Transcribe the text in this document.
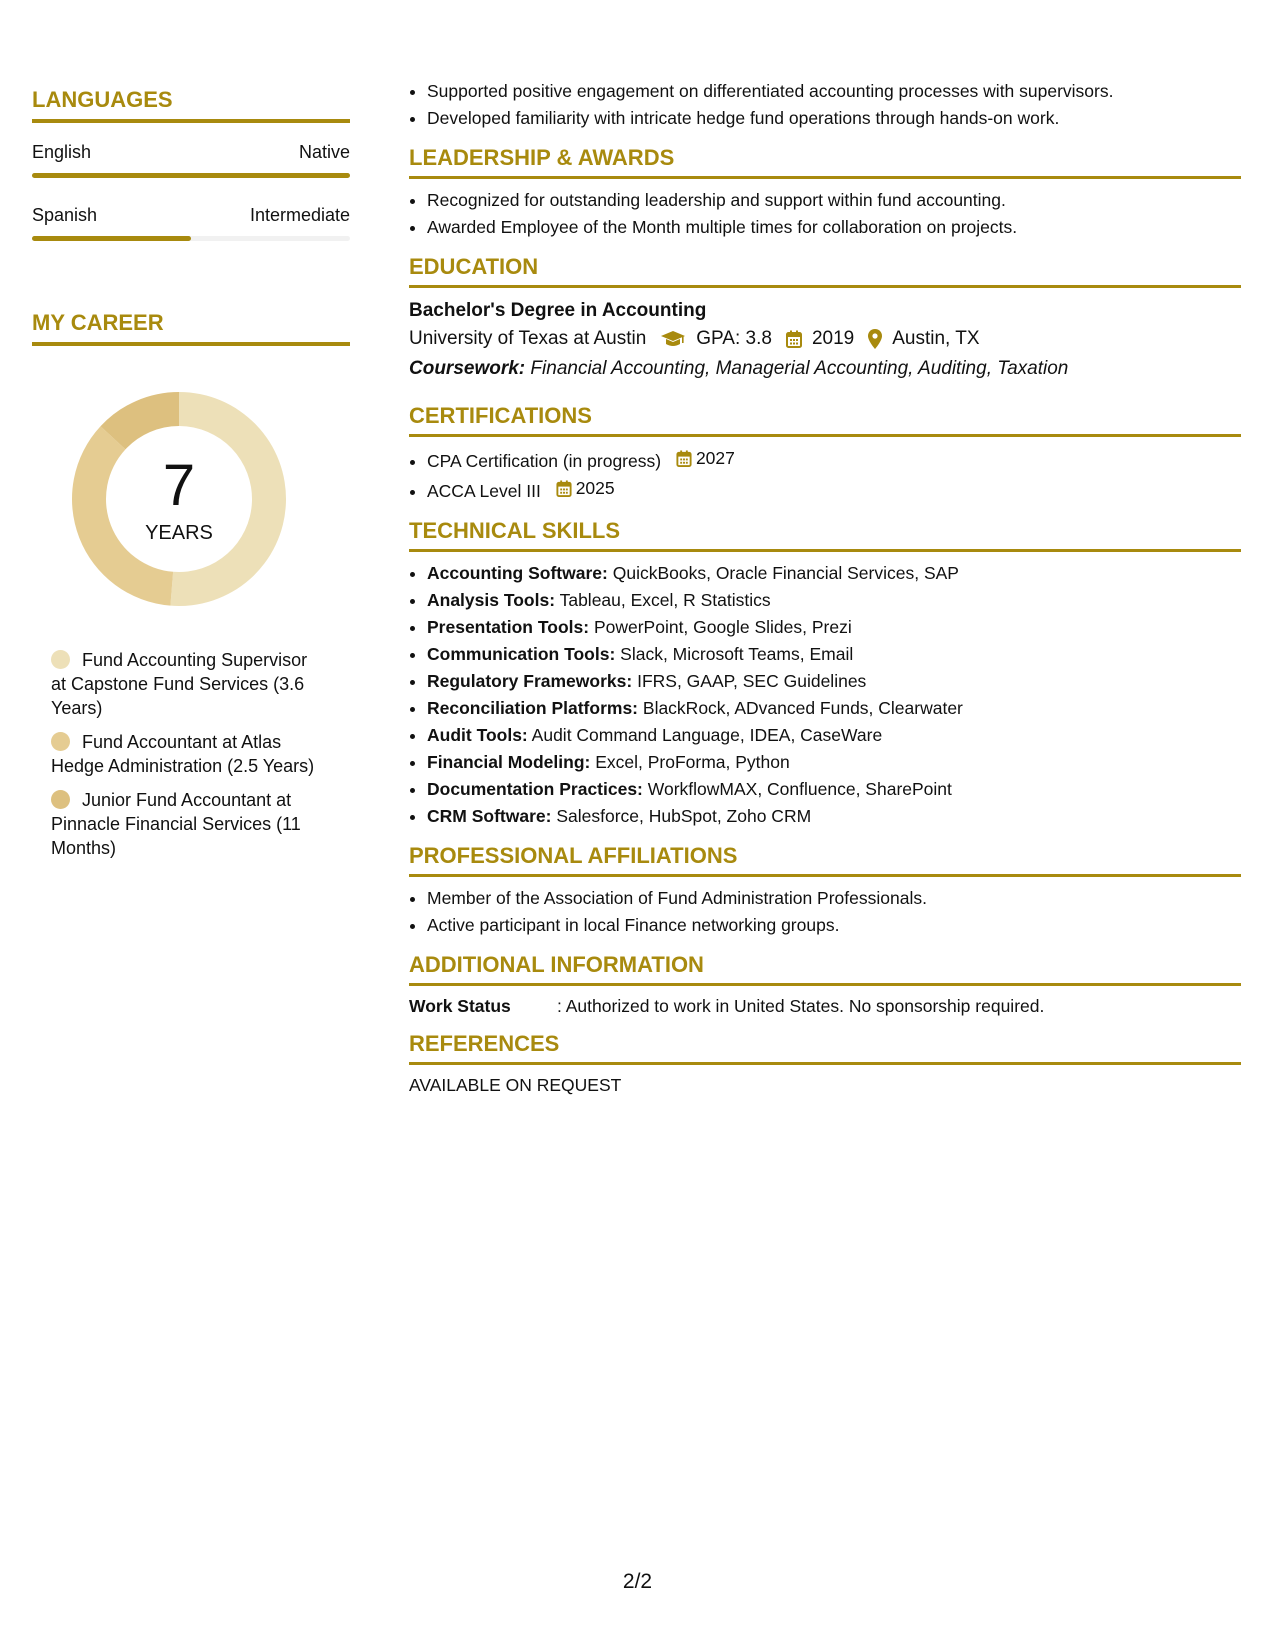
LANGUAGES
English	Native
Spanish	Intermediate
MY CAREER
7
YEARS
Fund Accounting Supervisor at Capstone Fund Services (3.6 Years)
Fund Accountant at Atlas Hedge Administration (2.5 Years)
Junior Fund Accountant at Pinnacle Financial Services (11 Months)
• Supported positive engagement on differentiated accounting processes with supervisors.
• Developed familiarity with intricate hedge fund operations through hands-on work.
LEADERSHIP & AWARDS
• Recognized for outstanding leadership and support within fund accounting.
• Awarded Employee of the Month multiple times for collaboration on projects.
EDUCATION
Bachelor's Degree in Accounting
University of Texas at Austin	GPA: 3.8 2019 Austin, TX
Coursework: Financial Accounting, Managerial Accounting, Auditing, Taxation
CERTIFICATIONS
• CPA Certification (in progress) 2027
• ACCA Level III 2025
TECHNICAL SKILLS
• Accounting Software: QuickBooks, Oracle Financial Services, SAP
• Analysis Tools: Tableau, Excel, R Statistics
• Presentation Tools: PowerPoint, Google Slides, Prezi
• Communication Tools: Slack, Microsoft Teams, Email
• Regulatory Frameworks: IFRS, GAAP, SEC Guidelines
• Reconciliation Platforms: BlackRock, ADvanced Funds, Clearwater
• Audit Tools: Audit Command Language, IDEA, CaseWare
• Financial Modeling: Excel, ProForma, Python
• Documentation Practices: WorkflowMAX, Confluence, SharePoint
• CRM Software: Salesforce, HubSpot, Zoho CRM
PROFESSIONAL AFFILIATIONS
• Member of the Association of Fund Administration Professionals.
• Active participant in local Finance networking groups.
ADDITIONAL INFORMATION
Work Status	: Authorized to work in United States. No sponsorship required.
REFERENCES
AVAILABLE ON REQUEST
2/2
